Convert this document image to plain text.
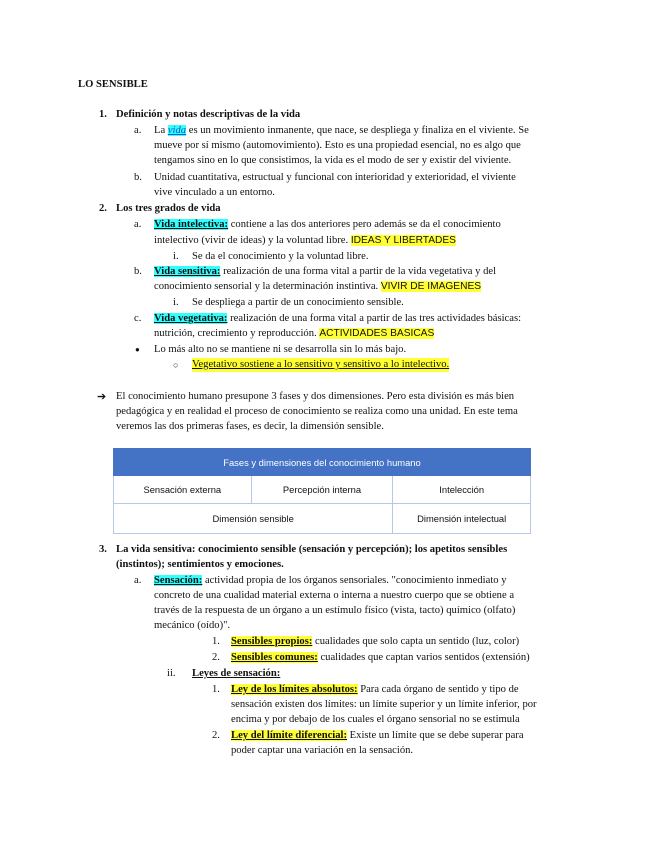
LO SENSIBLE
1. Definición y notas descriptivas de la vida
a. La vida es un movimiento inmanente, que nace, se despliega y finaliza en el viviente. Se
mueve por sí mismo (automovimiento). Esto es una propiedad esencial, no es algo que
tengamos sino en lo que consistimos, la vida es el modo de ser y existir del viviente.
b. Unidad cuantitativa, estructual y funcional con interioridad y exterioridad, el viviente
vive vinculado a un entorno.
2. Los tres grados de vida
a. Vida intelectiva: contiene a las dos anteriores pero además se da el conocimiento
intelectivo (vivir de ideas) y la voluntad libre. IDEAS Y LIBERTADES
i. Se da el conocimiento y la voluntad libre.
b. Vida sensitiva: realización de una forma vital a partir de la vida vegetativa y del
conocimiento sensorial y la determinación instintiva. VIVIR DE IMAGENES
i. Se despliega a partir de un conocimiento sensible.
c. Vida vegetativa: realización de una forma vital a partir de las tres actividades básicas:
nutrición, crecimiento y reproducción. ACTIVIDADES BASICAS
● Lo más alto no se mantiene ni se desarrolla sin lo más bajo.
○ Vegetativo sostiene a lo sensitivo y sensitivo a lo intelectivo.
➔ El conocimiento humano presupone 3 fases y dos dimensiones. Pero esta división es más bien
pedagógica y en realidad el proceso de conocimiento se realiza como una unidad. En este tema
veremos las dos primeras fases, es decir, la dimensión sensible.
Fases y dimensiones del conocimiento humano		
Sensación externa	Percepción interna	Intelección
Dimensión sensible		Dimensión intelectual
3. La vida sensitiva: conocimiento sensible (sensación y percepción); los apetitos sensibles
(instintos); sentimientos y emociones.
a. Sensación: actividad propia de los órganos sensoriales. "conocimiento inmediato y
concreto de una cualidad material externa o interna a nuestro cuerpo que se obtiene a
través de la respuesta de un órgano a un estímulo físico (vista, tacto) químico (olfato)
mecánico (oído)".
1. Sensibles propios: cualidades que solo capta un sentido (luz, color)
2. Sensibles comunes: cualidades que captan varios sentidos (extensión)
ii. Leyes de sensación:
1. Ley de los límites absolutos: Para cada órgano de sentido y tipo de
sensación existen dos límites: un límite superior y un límite inferior, por
encima y por debajo de los cuales el órgano sensorial no se estimula
2. Ley del límite diferencial: Existe un límite que se debe superar para
poder captar una variación en la sensación.
